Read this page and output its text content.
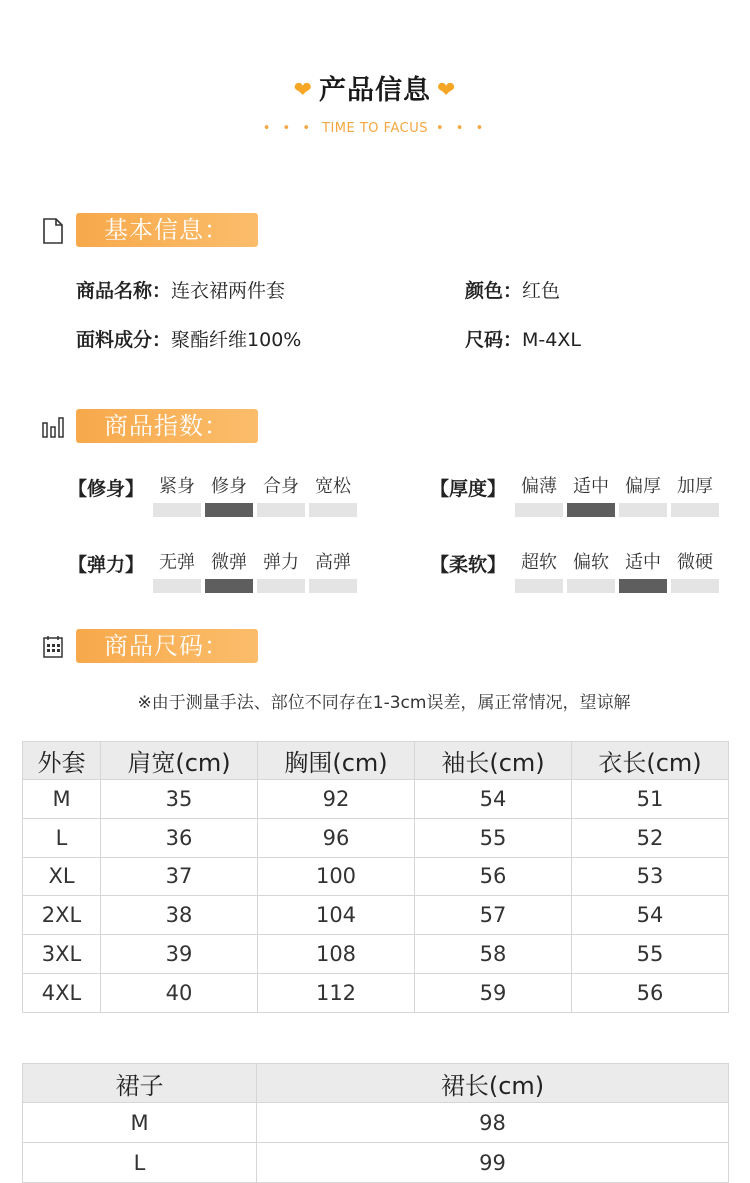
❤ 产品信息 ❤
• • • TIME TO FACUS • • •
基本信息：
商品名称：连衣裙两件套	颜色：红色
面料成分：聚酯纤维100%	尺码：M-4XL
商品指数：
【修身】 紧身 修身 合身 宽松	【厚度】 偏薄 适中 偏厚 加厚
【弹力】 无弹 微弹 弹力 高弹	【柔软】 超软 偏软 适中 微硬
商品尺码：
※由于测量手法、部位不同存在1-3cm误差，属正常情况，望谅解
外套	肩宽(cm)	胸围(cm)	袖长(cm)	衣长(cm)
M	35	92	54	51
L	36	96	55	52
XL	37	100	56	53
2XL	38	104	57	54
3XL	39	108	58	55
4XL	40	112	59	56
裙子	裙长(cm)
M	98
L	99
